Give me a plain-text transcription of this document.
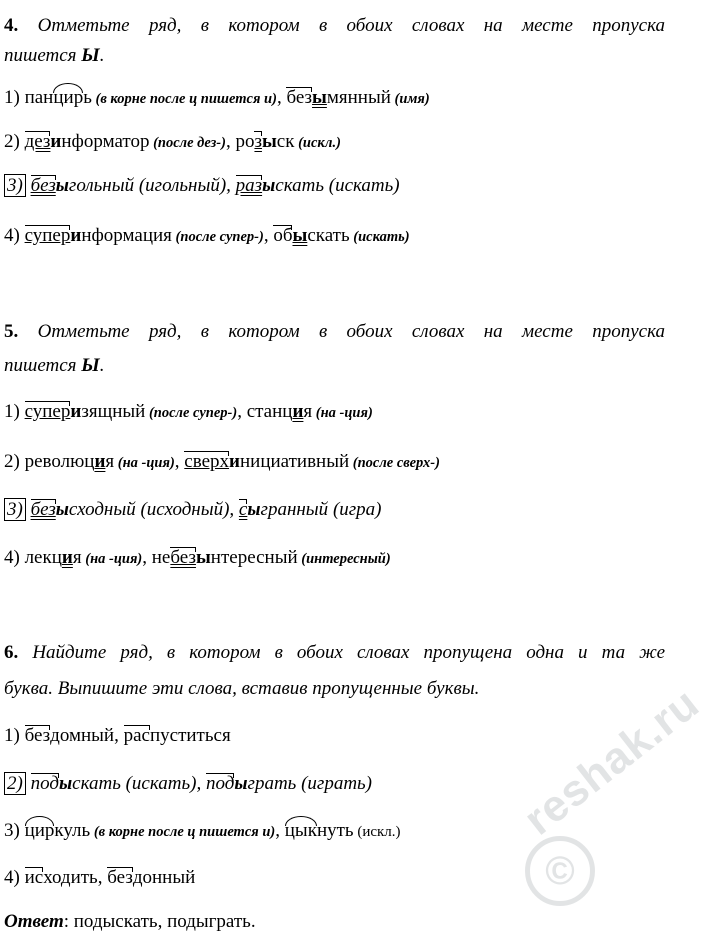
4. Отметьте ряд, в котором в обоих словах на месте пропуска
пишется Ы.
1) панцирь (в корне после ц пишется и), безымянный (имя)
2) дезинформатор (после дез-), розыск (искл.)
3) безыгольный (игольный), разыскать (искать)
4) суперинформация (после супер-), обыскать (искать)
5. Отметьте ряд, в котором в обоих словах на месте пропуска
пишется Ы.
1) суперизящный (после супер-), станция (на -ция)
2) революция (на -ция), сверхинициативный (после сверх-)
3) безысходный (исходный), сыгранный (игра)
4) лекция (на -ция), небезынтересный (интересный)
6. Найдите ряд, в котором в обоих словах пропущена одна и та же
буква. Выпишите эти слова, вставив пропущенные буквы.
1) бездомный, распуститься
2) подыскать (искать), подыграть (играть)
3) циркуль (в корне после ц пишется и), цыкнуть (искл.)
4) исходить, бездонный
Ответ: подыскать, подыграть.
reshak.ru
©
